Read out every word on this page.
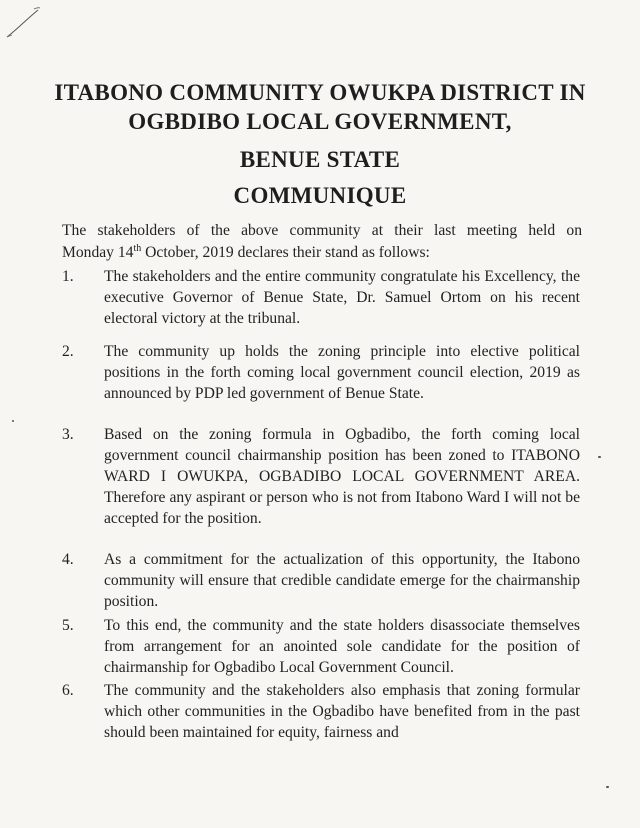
ITABONO COMMUNITY OWUKPA DISTRICT IN
OGBDIBO LOCAL GOVERNMENT,
BENUE STATE
COMMUNIQUE
The stakeholders of the above community at their last meeting held on
Monday 14th October, 2019 declares their stand as follows:
1.	The stakeholders and the entire community congratulate his Excellency, the executive Governor of Benue State, Dr. Samuel Ortom on his recent electoral victory at the tribunal.
2.	The community up holds the zoning principle into elective political positions in the forth coming local government council election, 2019 as announced by PDP led government of Benue State.
3.	Based on the zoning formula in Ogbadibo, the forth coming local government council chairmanship position has been zoned to ITABONO WARD I OWUKPA, OGBADIBO LOCAL GOVERNMENT AREA. Therefore any aspirant or person who is not from Itabono Ward I will not be accepted for the position.
4.	As a commitment for the actualization of this opportunity, the Itabono community will ensure that credible candidate emerge for the chairmanship position.
5.	To this end, the community and the state holders disassociate themselves from arrangement for an anointed sole candidate for the position of chairmanship for Ogbadibo Local Government Council.
6.	The community and the stakeholders also emphasis that zoning formular which other communities in the Ogbadibo have benefited from in the past should been maintained for equity, fairness and
